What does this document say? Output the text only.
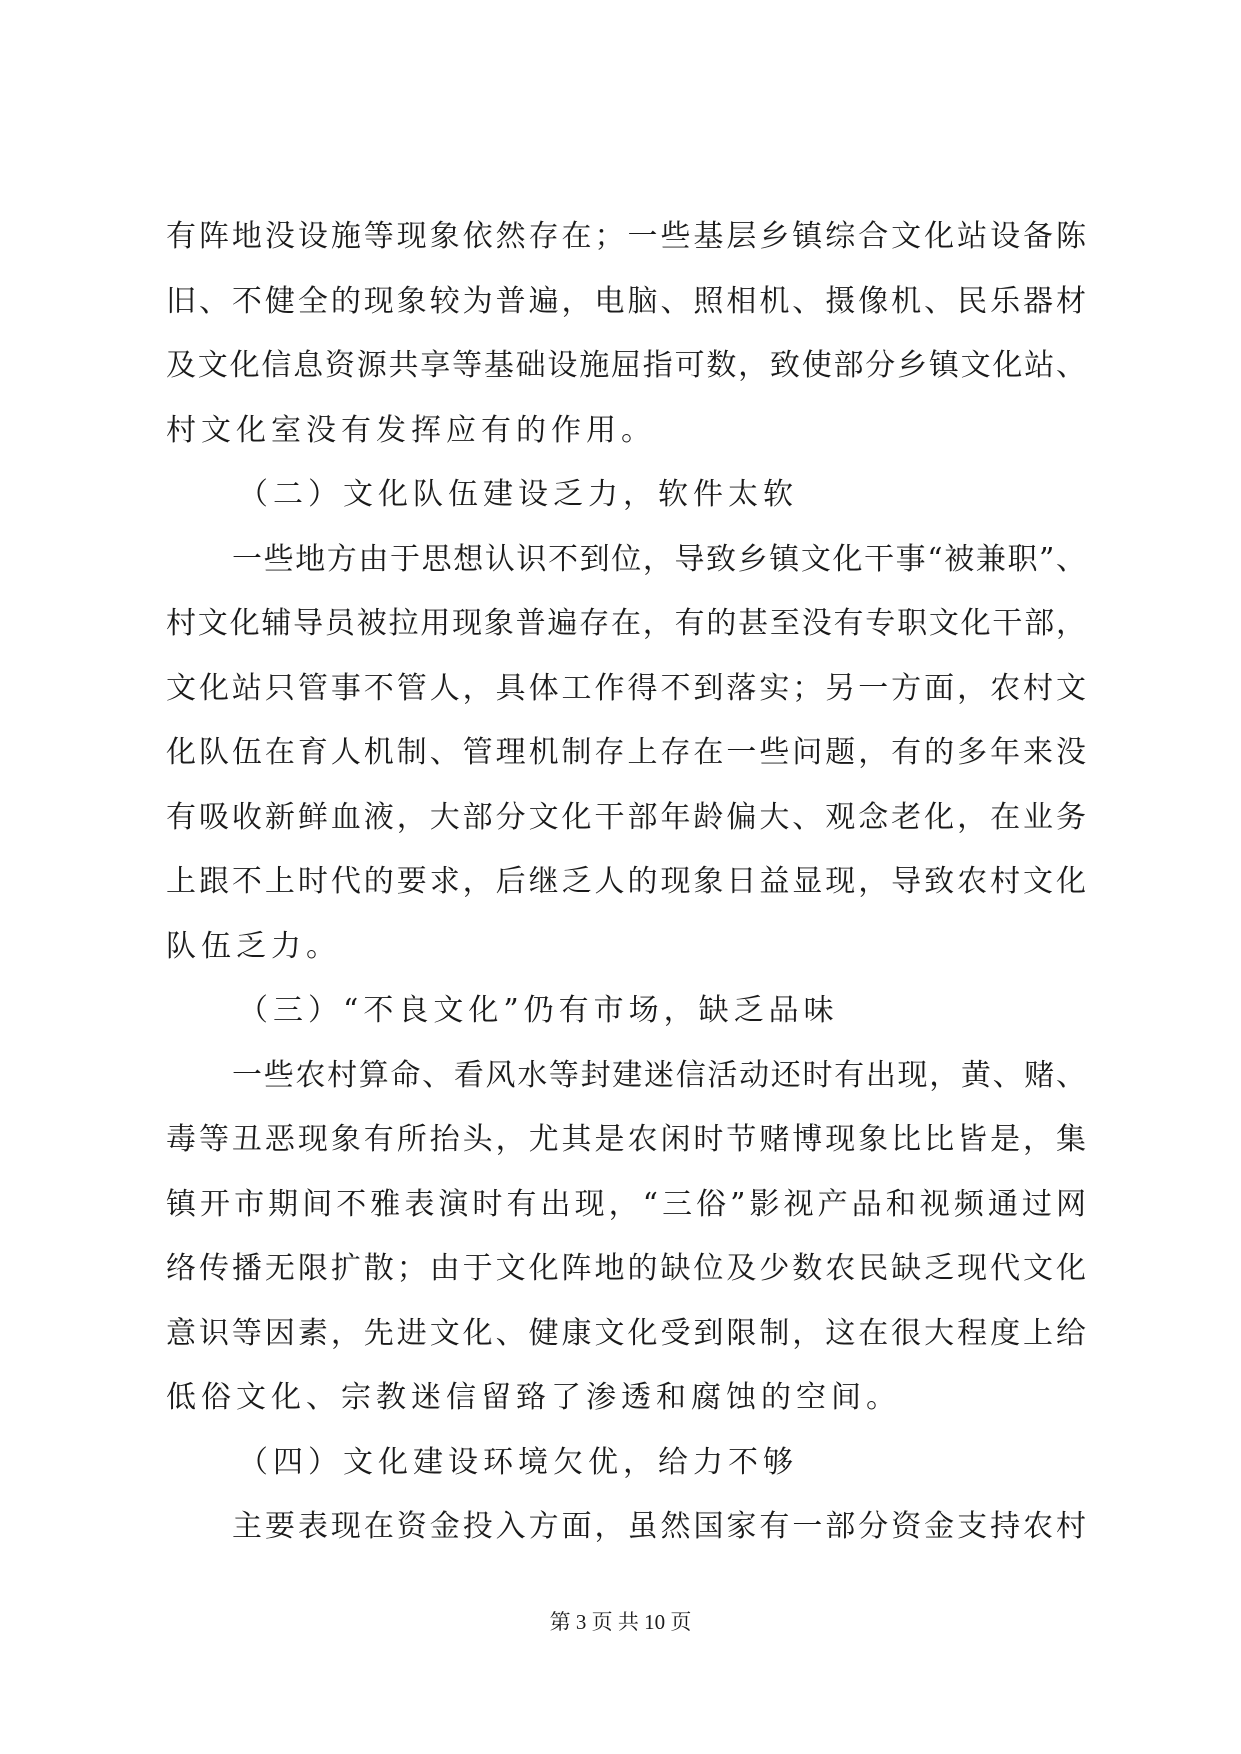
有阵地没设施等现象依然存在；一些基层乡镇综合文化站设备陈
旧、不健全的现象较为普遍，电脑、照相机、摄像机、民乐器材
及文化信息资源共享等基础设施屈指可数，致使部分乡镇文化站、
村文化室没有发挥应有的作用。
（二）文化队伍建设乏力，软件太软
一些地方由于思想认识不到位，导致乡镇文化干事“被兼职”、
村文化辅导员被拉用现象普遍存在，有的甚至没有专职文化干部，
文化站只管事不管人，具体工作得不到落实；另一方面，农村文
化队伍在育人机制、管理机制存上存在一些问题，有的多年来没
有吸收新鲜血液，大部分文化干部年龄偏大、观念老化，在业务
上跟不上时代的要求，后继乏人的现象日益显现，导致农村文化
队伍乏力。
（三）“不良文化”仍有市场，缺乏品味
一些农村算命、看风水等封建迷信活动还时有出现，黄、赌、
毒等丑恶现象有所抬头，尤其是农闲时节赌博现象比比皆是，集
镇开市期间不雅表演时有出现，“三俗”影视产品和视频通过网
络传播无限扩散；由于文化阵地的缺位及少数农民缺乏现代文化
意识等因素，先进文化、健康文化受到限制，这在很大程度上给
低俗文化、宗教迷信留臵了渗透和腐蚀的空间。
（四）文化建设环境欠优，给力不够
主要表现在资金投入方面，虽然国家有一部分资金支持农村
第 3 页 共 10 页
